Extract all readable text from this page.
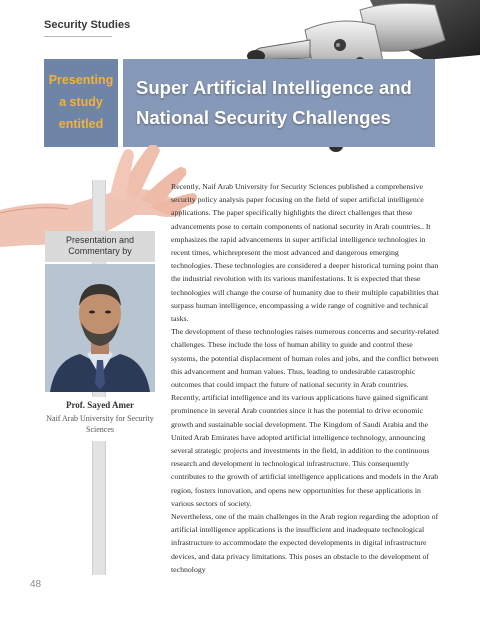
Security Studies
Presenting a study entitled
Super Artificial Intelligence and National Security Challenges
Presentation and Commentary by
Prof. Sayed Amer
Naif Arab University for Security Sciences

Recently, Naif Arab University for Security Sciences published a comprehensive security policy analysis paper focusing on the field of super artificial intelligence applications. The paper specifically highlights the direct challenges that these advancements pose to certain components of national security in Arab countries.. It emphasizes the rapid advancements in super artificial intelligence technologies in recent times, whichrepresent the most advanced and dangerous emerging technologies. These technologies are considered a deeper historical turning point than the industrial revolution with its various manifestations. It is expected that these technologies will change the course of humanity due to their multiple capabilities that surpass human intelligence, encompassing a wide range of cognitive and technical tasks.

The development of these technologies raises numerous concerns and security-related challenges. These include the loss of human ability to guide and control these systems, the potential displacement of human roles and jobs, and the conflict between this advancement and human values. Thus, leading to undesirable catastrophic outcomes that could impact the future of national security in Arab countries.

Recently, artificial intelligence and its various applications have gained significant prominence in several Arab countries since it has the potential to drive economic growth and sustainable social development. The Kingdom of Saudi Arabia and the United Arab Emirates have adopted artificial intelligence technology, announcing several strategic projects and investments in the field, in addition to the continuous research and development in technological infrastructure. This consequently contributes to the growth of artificial intelligence applications and models in the Arab region, fosters innovation, and opens new opportunities for these applications in various sectors of society.

Nevertheless, one of the main challenges in the Arab region regarding the adoption of artificial intelligence applications is the insufficient and inadequate technological infrastructure to accommodate the expected developments in digital infrastructure devices, and data privacy limitations. This poses an obstacle to the development of technology

48
